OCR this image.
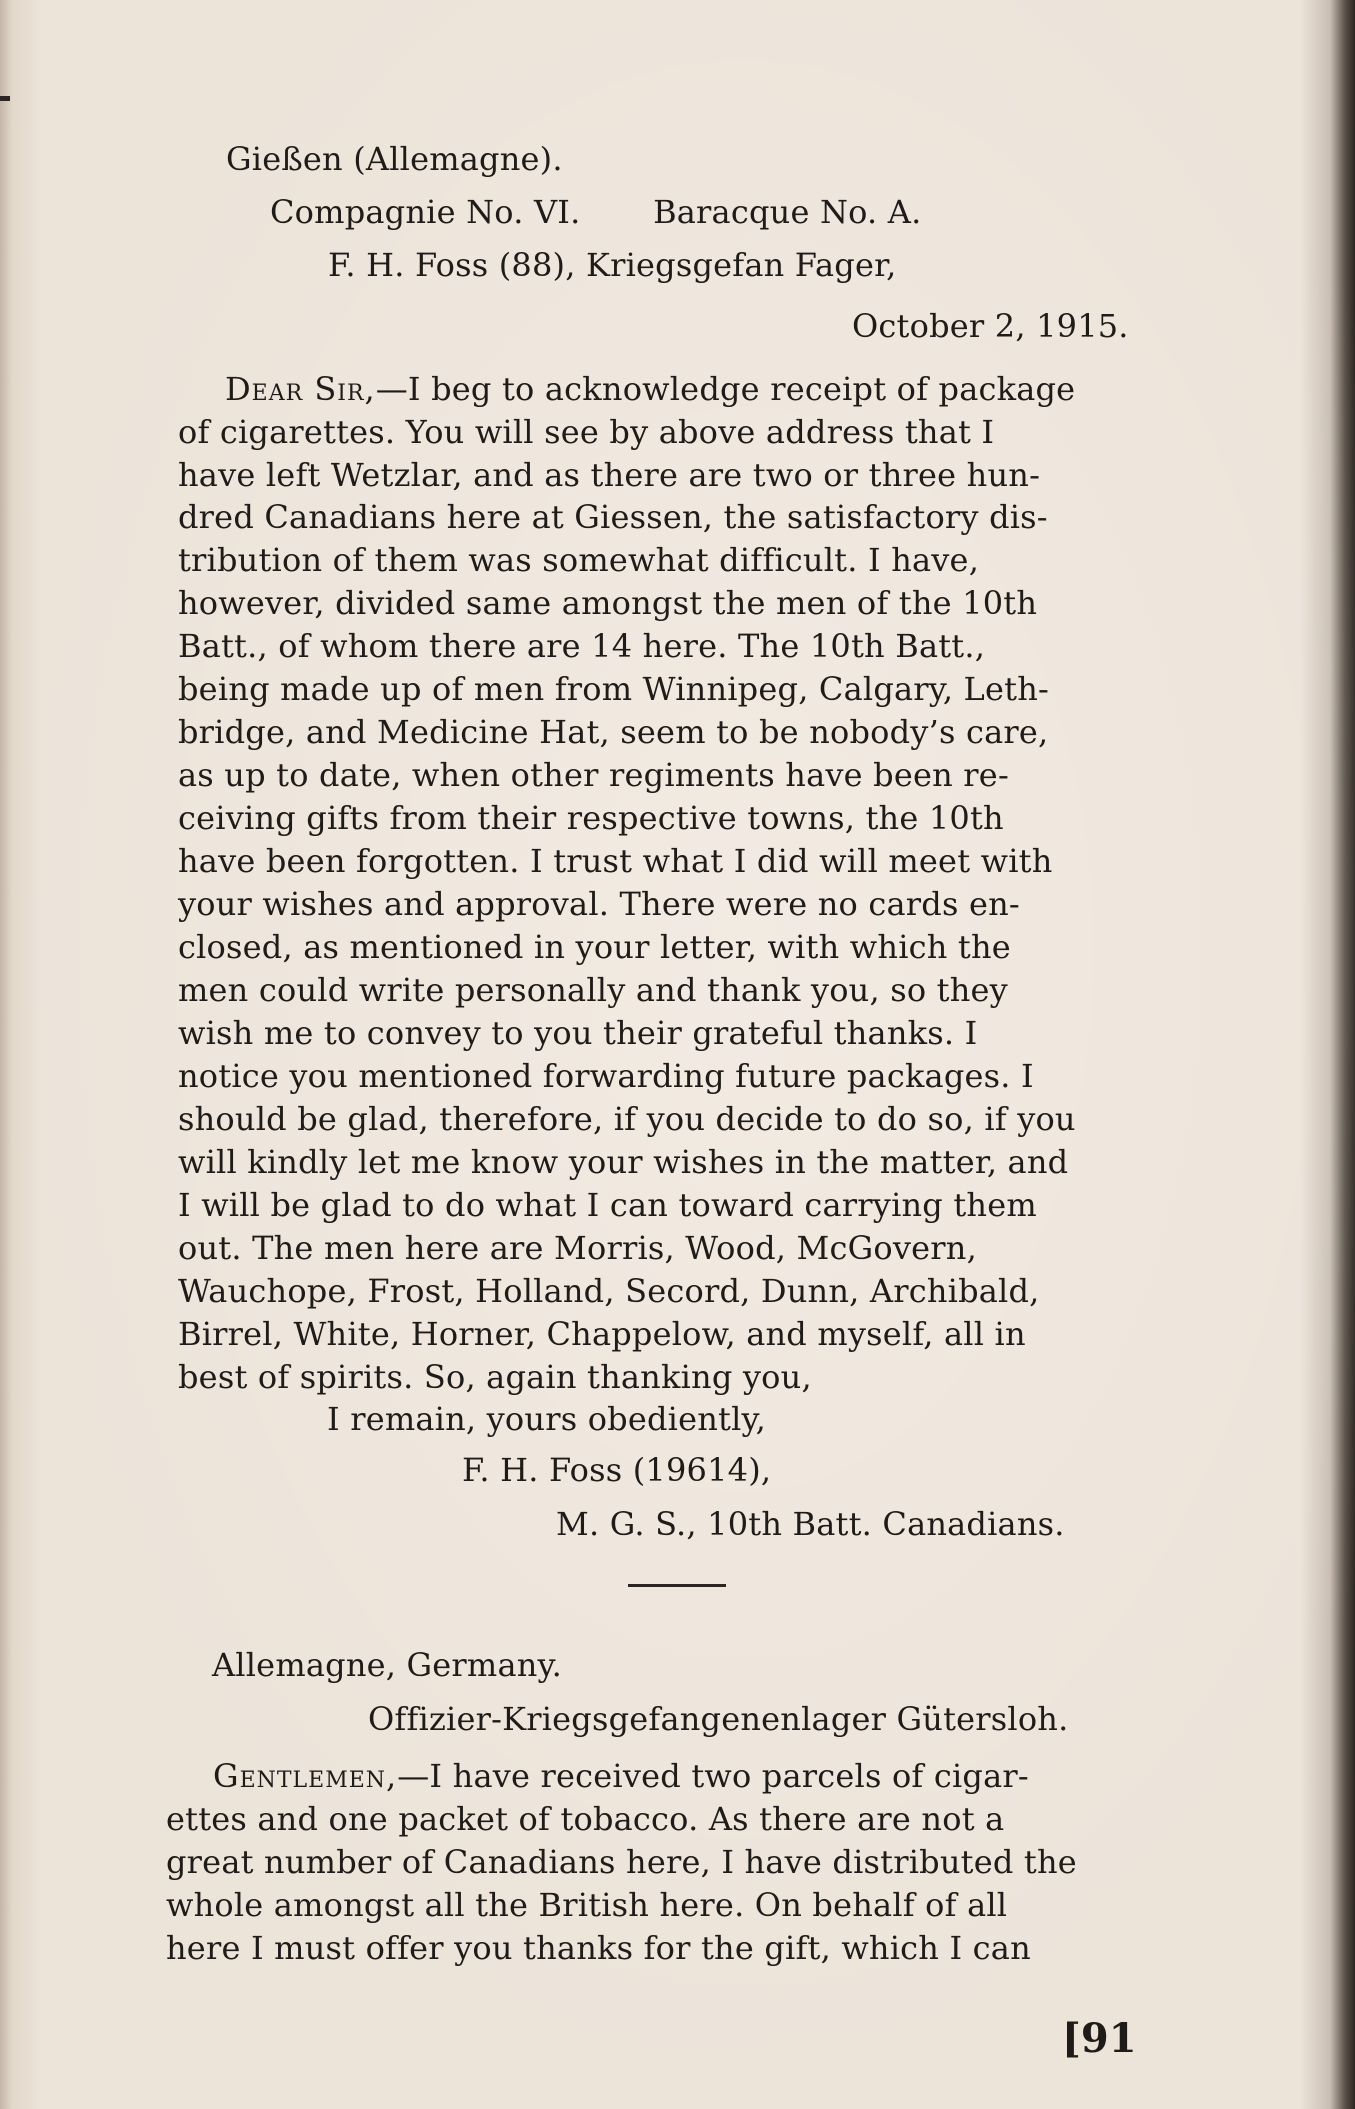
Gießen (Allemagne).
Compagnie No. VI.       Baracque No. A.
F. H. Foss (88), Kriegsgefan Fager,
October 2, 1915.
Dear Sir,—I beg to acknowledge receipt of package
of cigarettes. You will see by above address that I
have left Wetzlar, and as there are two or three hun-
dred Canadians here at Giessen, the satisfactory dis-
tribution of them was somewhat difficult. I have,
however, divided same amongst the men of the 10th
Batt., of whom there are 14 here. The 10th Batt.,
being made up of men from Winnipeg, Calgary, Leth-
bridge, and Medicine Hat, seem to be nobody’s care,
as up to date, when other regiments have been re-
ceiving gifts from their respective towns, the 10th
have been forgotten. I trust what I did will meet with
your wishes and approval. There were no cards en-
closed, as mentioned in your letter, with which the
men could write personally and thank you, so they
wish me to convey to you their grateful thanks. I
notice you mentioned forwarding future packages. I
should be glad, therefore, if you decide to do so, if you
will kindly let me know your wishes in the matter, and
I will be glad to do what I can toward carrying them
out. The men here are Morris, Wood, McGovern,
Wauchope, Frost, Holland, Secord, Dunn, Archibald,
Birrel, White, Horner, Chappelow, and myself, all in
best of spirits. So, again thanking you,
I remain, yours obediently,
F. H. Foss (19614),
M. G. S., 10th Batt. Canadians.
Allemagne, Germany.
Offizier-Kriegsgefangenenlager Gütersloh.
Gentlemen,—I have received two parcels of cigar-
ettes and one packet of tobacco. As there are not a
great number of Canadians here, I have distributed the
whole amongst all the British here. On behalf of all
here I must offer you thanks for the gift, which I can
[91
